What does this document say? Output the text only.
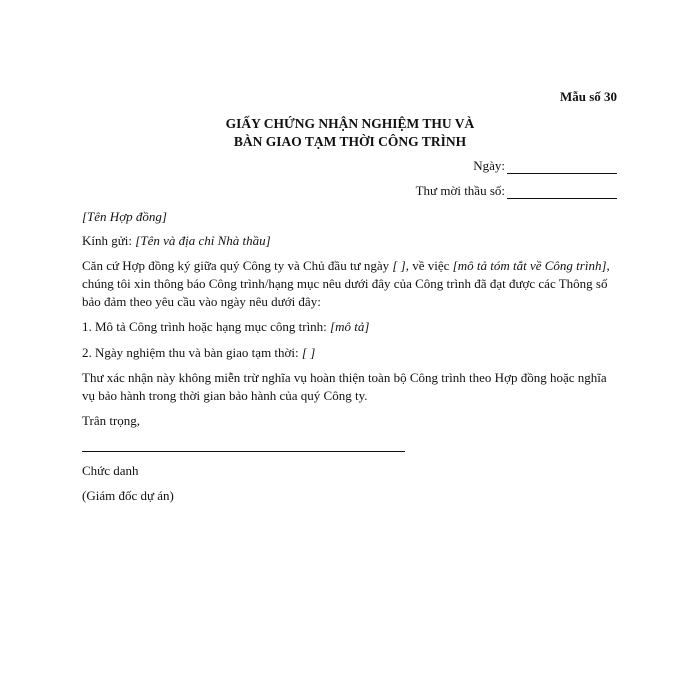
Mẫu số 30
GIẤY CHỨNG NHẬN NGHIỆM THU VÀ
BÀN GIAO TẠM THỜI CÔNG TRÌNH
Ngày:
Thư mời thầu số:
[Tên Hợp đồng]
Kính gửi: [Tên và địa chỉ Nhà thầu]
Căn cứ Hợp đồng ký giữa quý Công ty và Chủ đầu tư ngày [ ], về việc [mô tả tóm tắt về Công trình], chúng tôi xin thông báo Công trình/hạng mục nêu dưới đây của Công trình đã đạt được các Thông số bảo đảm theo yêu cầu vào ngày nêu dưới đây:
1. Mô tả Công trình hoặc hạng mục công trình: [mô tả]
2. Ngày nghiệm thu và bàn giao tạm thời: [ ]
Thư xác nhận này không miễn trừ nghĩa vụ hoàn thiện toàn bộ Công trình theo Hợp đồng hoặc nghĩa vụ bảo hành trong thời gian bảo hành của quý Công ty.
Trân trọng,
Chức danh
(Giám đốc dự án)
